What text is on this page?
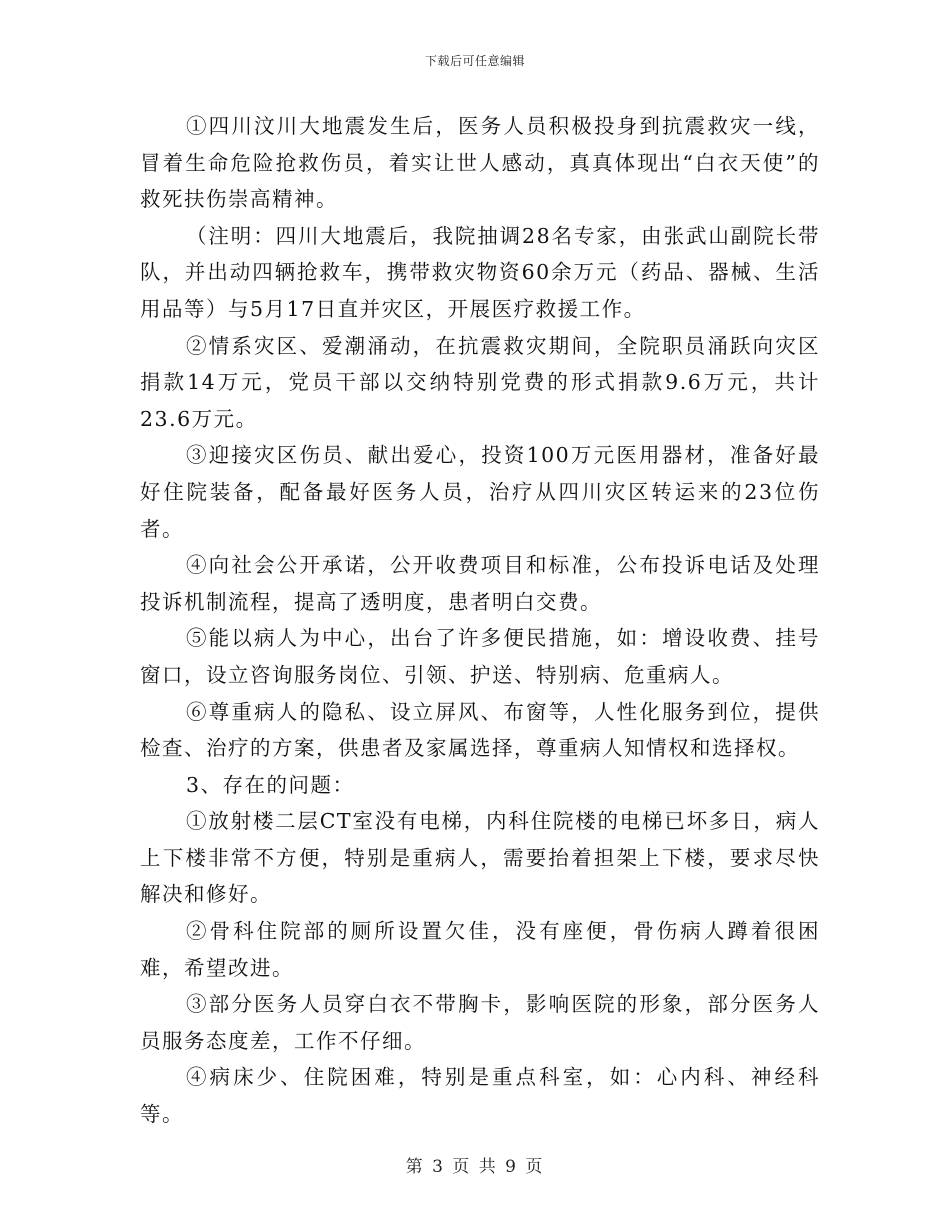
下载后可任意编辑

①四川汶川大地震发生后，医务人员积极投身到抗震救灾一线，冒着生命危险抢救伤员，着实让世人感动，真真体现出“白衣天使”的救死扶伤崇高精神。

（注明：四川大地震后，我院抽调28名专家，由张武山副院长带队，并出动四辆抢救车，携带救灾物资60余万元（药品、器械、生活用品等）与5月17日直并灾区，开展医疗救援工作。

②情系灾区、爱潮涌动，在抗震救灾期间，全院职员涌跃向灾区捐款14万元，党员干部以交纳特别党费的形式捐款9.6万元，共计23.6万元。

③迎接灾区伤员、献出爱心，投资100万元医用器材，准备好最好住院装备，配备最好医务人员，治疗从四川灾区转运来的23位伤者。

④向社会公开承诺，公开收费项目和标准，公布投诉电话及处理投诉机制流程，提高了透明度，患者明白交费。

⑤能以病人为中心，出台了许多便民措施，如：增设收费、挂号窗口，设立咨询服务岗位、引领、护送、特别病、危重病人。

⑥尊重病人的隐私、设立屏风、布窗等，人性化服务到位，提供检查、治疗的方案，供患者及家属选择，尊重病人知情权和选择权。

3、存在的问题：

①放射楼二层CT室没有电梯，内科住院楼的电梯已坏多日，病人上下楼非常不方便，特别是重病人，需要抬着担架上下楼，要求尽快解决和修好。

②骨科住院部的厕所设置欠佳，没有座便，骨伤病人蹲着很困难，希望改进。

③部分医务人员穿白衣不带胸卡，影响医院的形象，部分医务人员服务态度差，工作不仔细。

④病床少、住院困难，特别是重点科室，如：心内科、神经科等。

第 3 页 共 9 页
